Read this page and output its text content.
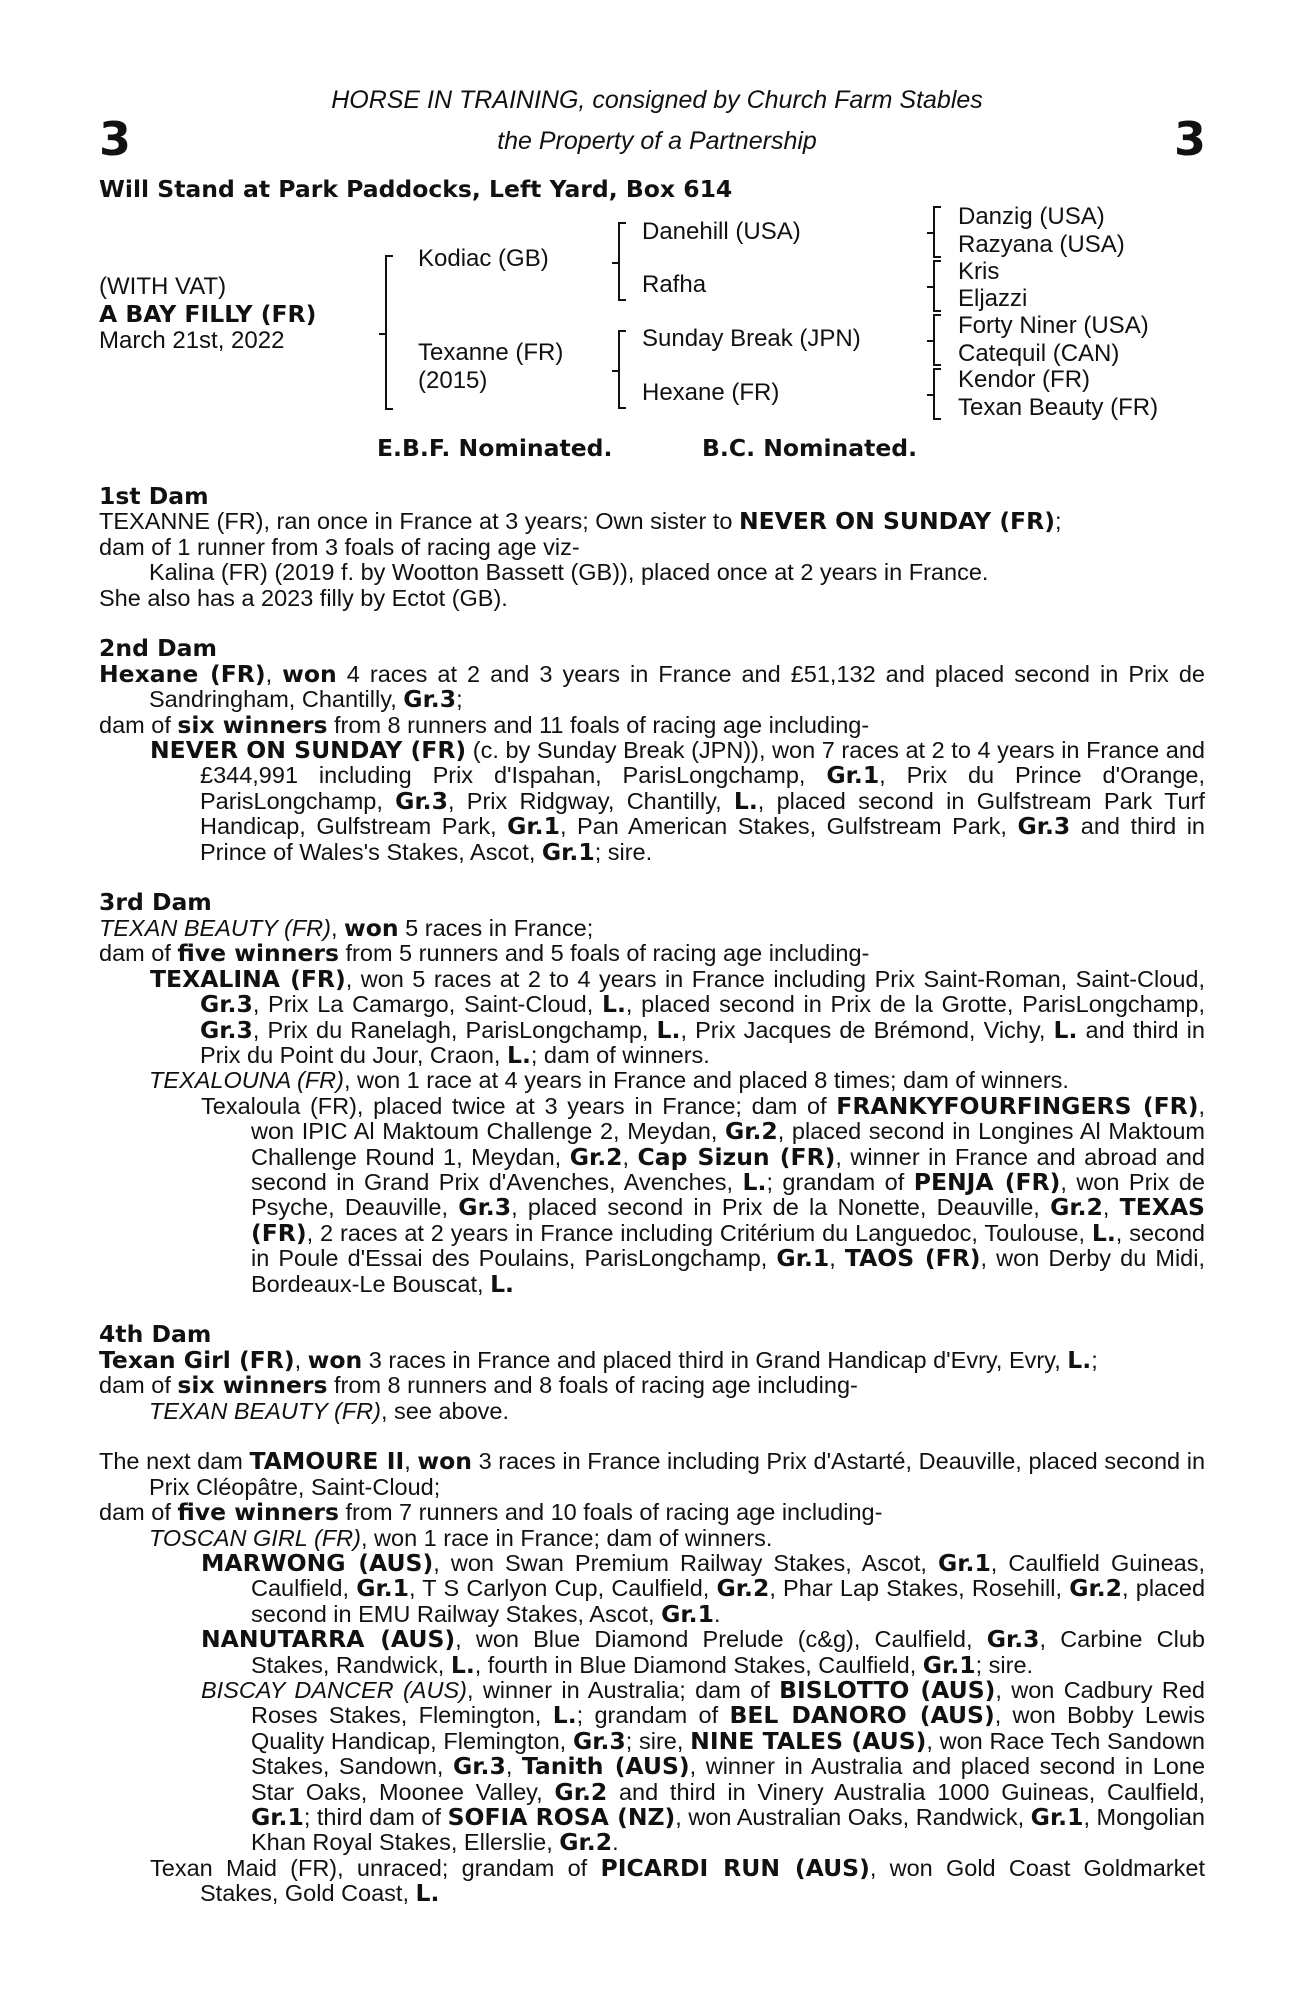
3	3
HORSE IN TRAINING, consigned by Church Farm Stables
the Property of a Partnership
Will Stand at Park Paddocks, Left Yard, Box 614
(WITH VAT)
A BAY FILLY (FR)
March 21st, 2022
Kodiac (GB)
Texanne (FR)
(2015)
Danehill (USA)
Rafha
Sunday Break (JPN)
Hexane (FR)
Danzig (USA)
Razyana (USA)
Kris
Eljazzi
Forty Niner (USA)
Catequil (CAN)
Kendor (FR)
Texan Beauty (FR)
E.B.F. Nominated.	B.C. Nominated.
1st Dam
TEXANNE (FR), ran once in France at 3 years; Own sister to NEVER ON SUNDAY (FR);
dam of 1 runner from 3 foals of racing age viz-
Kalina (FR) (2019 f. by Wootton Bassett (GB)), placed once at 2 years in France.
She also has a 2023 filly by Ectot (GB).
2nd Dam
Hexane (FR), won 4 races at 2 and 3 years in France and £51,132 and placed second in Prix de Sandringham, Chantilly, Gr.3;
dam of six winners from 8 runners and 11 foals of racing age including-
NEVER ON SUNDAY (FR) (c. by Sunday Break (JPN)), won 7 races at 2 to 4 years in France and £344,991 including Prix d'Ispahan, ParisLongchamp, Gr.1, Prix du Prince d'Orange, ParisLongchamp, Gr.3, Prix Ridgway, Chantilly, L., placed second in Gulfstream Park Turf Handicap, Gulfstream Park, Gr.1, Pan American Stakes, Gulfstream Park, Gr.3 and third in Prince of Wales's Stakes, Ascot, Gr.1; sire.
3rd Dam
TEXAN BEAUTY (FR), won 5 races in France;
dam of five winners from 5 runners and 5 foals of racing age including-
TEXALINA (FR), won 5 races at 2 to 4 years in France including Prix Saint-Roman, Saint-Cloud, Gr.3, Prix La Camargo, Saint-Cloud, L., placed second in Prix de la Grotte, ParisLongchamp, Gr.3, Prix du Ranelagh, ParisLongchamp, L., Prix Jacques de Brémond, Vichy, L. and third in Prix du Point du Jour, Craon, L.; dam of winners.
TEXALOUNA (FR), won 1 race at 4 years in France and placed 8 times; dam of winners.
Texaloula (FR), placed twice at 3 years in France; dam of FRANKYFOURFINGERS (FR), won IPIC Al Maktoum Challenge 2, Meydan, Gr.2, placed second in Longines Al Maktoum Challenge Round 1, Meydan, Gr.2, Cap Sizun (FR), winner in France and abroad and second in Grand Prix d'Avenches, Avenches, L.; grandam of PENJA (FR), won Prix de Psyche, Deauville, Gr.3, placed second in Prix de la Nonette, Deauville, Gr.2, TEXAS (FR), 2 races at 2 years in France including Critérium du Languedoc, Toulouse, L., second in Poule d'Essai des Poulains, ParisLongchamp, Gr.1, TAOS (FR), won Derby du Midi, Bordeaux-Le Bouscat, L.
4th Dam
Texan Girl (FR), won 3 races in France and placed third in Grand Handicap d'Evry, Evry, L.;
dam of six winners from 8 runners and 8 foals of racing age including-
TEXAN BEAUTY (FR), see above.
The next dam TAMOURE II, won 3 races in France including Prix d'Astarté, Deauville, placed second in Prix Cléopâtre, Saint-Cloud;
dam of five winners from 7 runners and 10 foals of racing age including-
TOSCAN GIRL (FR), won 1 race in France; dam of winners.
MARWONG (AUS), won Swan Premium Railway Stakes, Ascot, Gr.1, Caulfield Guineas, Caulfield, Gr.1, T S Carlyon Cup, Caulfield, Gr.2, Phar Lap Stakes, Rosehill, Gr.2, placed second in EMU Railway Stakes, Ascot, Gr.1.
NANUTARRA (AUS), won Blue Diamond Prelude (c&g), Caulfield, Gr.3, Carbine Club Stakes, Randwick, L., fourth in Blue Diamond Stakes, Caulfield, Gr.1; sire.
BISCAY DANCER (AUS), winner in Australia; dam of BISLOTTO (AUS), won Cadbury Red Roses Stakes, Flemington, L.; grandam of BEL DANORO (AUS), won Bobby Lewis Quality Handicap, Flemington, Gr.3; sire, NINE TALES (AUS), won Race Tech Sandown Stakes, Sandown, Gr.3, Tanith (AUS), winner in Australia and placed second in Lone Star Oaks, Moonee Valley, Gr.2 and third in Vinery Australia 1000 Guineas, Caulfield, Gr.1; third dam of SOFIA ROSA (NZ), won Australian Oaks, Randwick, Gr.1, Mongolian Khan Royal Stakes, Ellerslie, Gr.2.
Texan Maid (FR), unraced; grandam of PICARDI RUN (AUS), won Gold Coast Goldmarket Stakes, Gold Coast, L.
